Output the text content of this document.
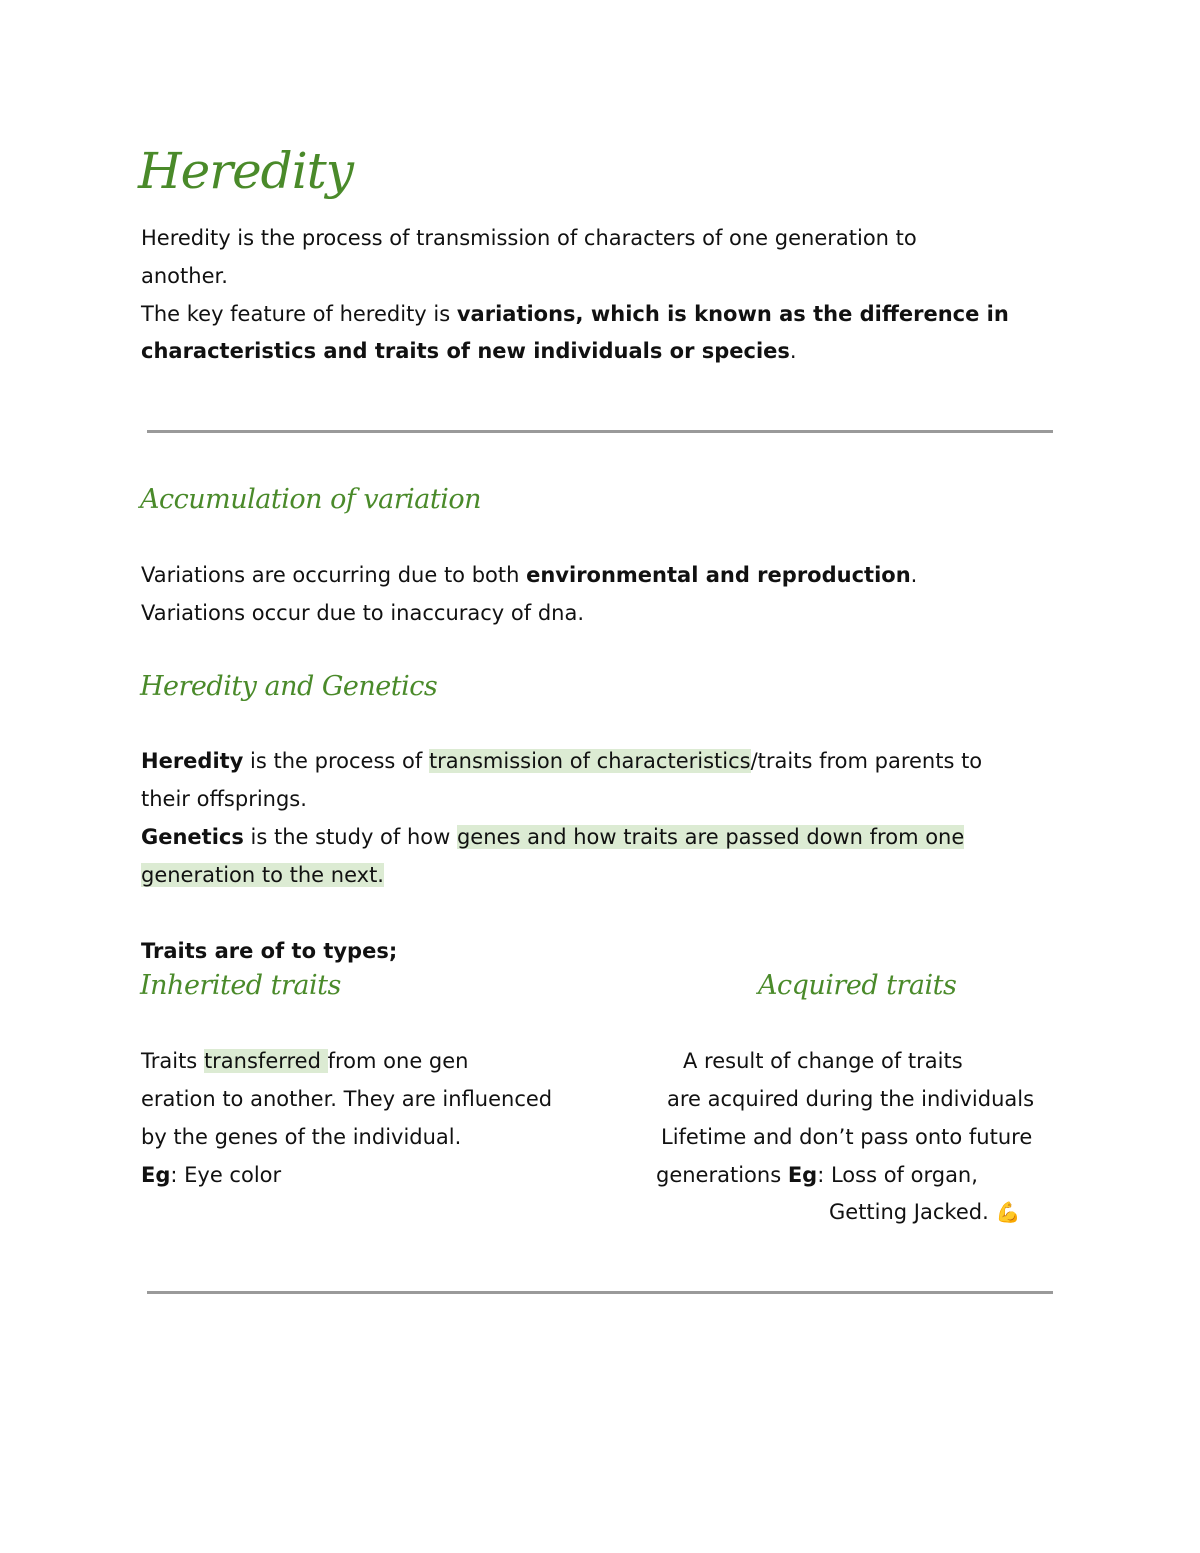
Heredity
Heredity is the process of transmission of characters of one generation to
another.
The key feature of heredity is variations, which is known as the difference in
characteristics and traits of new individuals or species.
Accumulation of variation
Variations are occurring due to both environmental and reproduction.
Variations occur due to inaccuracy of dna.
Heredity and Genetics
Heredity is the process of transmission of characteristics/traits from parents to
their offsprings.
Genetics is the study of how genes and how traits are passed down from one
generation to the next.
Traits are of to types;
Inherited traits	Acquired traits
Traits transferred from one gen
eration to another. They are influenced
by the genes of the individual.
Eg: Eye color
A result of change of traits
are acquired during the individuals
Lifetime and don’t pass onto future
generations Eg: Loss of organ,
Getting Jacked. 💪
